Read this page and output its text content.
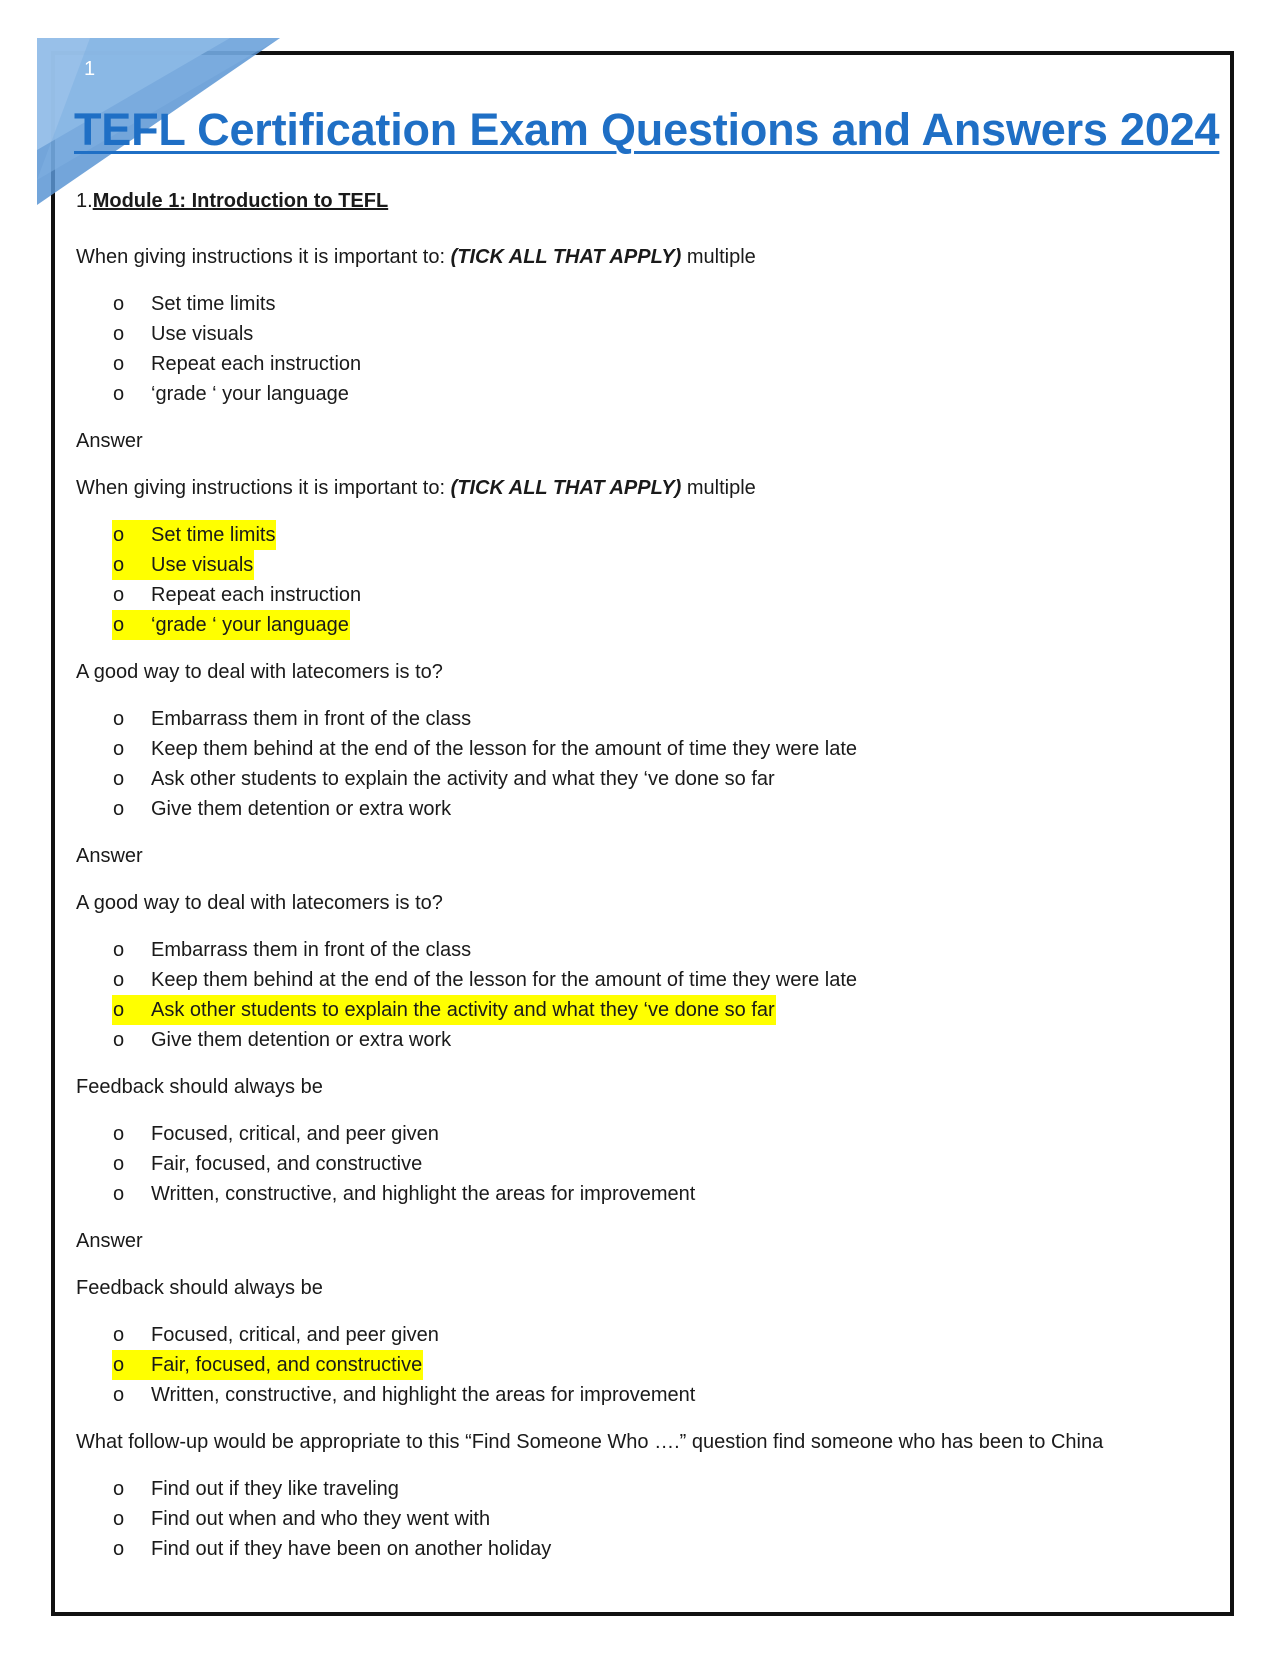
1
TEFL Certification Exam Questions and Answers 2024

1.Module 1: Introduction to TEFL

When giving instructions it is important to: (TICK ALL THAT APPLY) multiple

o Set time limits
o Use visuals
o Repeat each instruction
o ‘grade ‘ your language

Answer

When giving instructions it is important to: (TICK ALL THAT APPLY) multiple

o Set time limits
o Use visuals
o Repeat each instruction
o ‘grade ‘ your language

A good way to deal with latecomers is to?

o Embarrass them in front of the class
o Keep them behind at the end of the lesson for the amount of time they were late
o Ask other students to explain the activity and what they ‘ve done so far
o Give them detention or extra work

Answer

A good way to deal with latecomers is to?

o Embarrass them in front of the class
o Keep them behind at the end of the lesson for the amount of time they were late
o Ask other students to explain the activity and what they ‘ve done so far
o Give them detention or extra work

Feedback should always be

o Focused, critical, and peer given
o Fair, focused, and constructive
o Written, constructive, and highlight the areas for improvement

Answer

Feedback should always be

o Focused, critical, and peer given
o Fair, focused, and constructive
o Written, constructive, and highlight the areas for improvement

What follow-up would be appropriate to this “Find Someone Who ….” question find someone who has been to China

o Find out if they like traveling
o Find out when and who they went with
o Find out if they have been on another holiday
